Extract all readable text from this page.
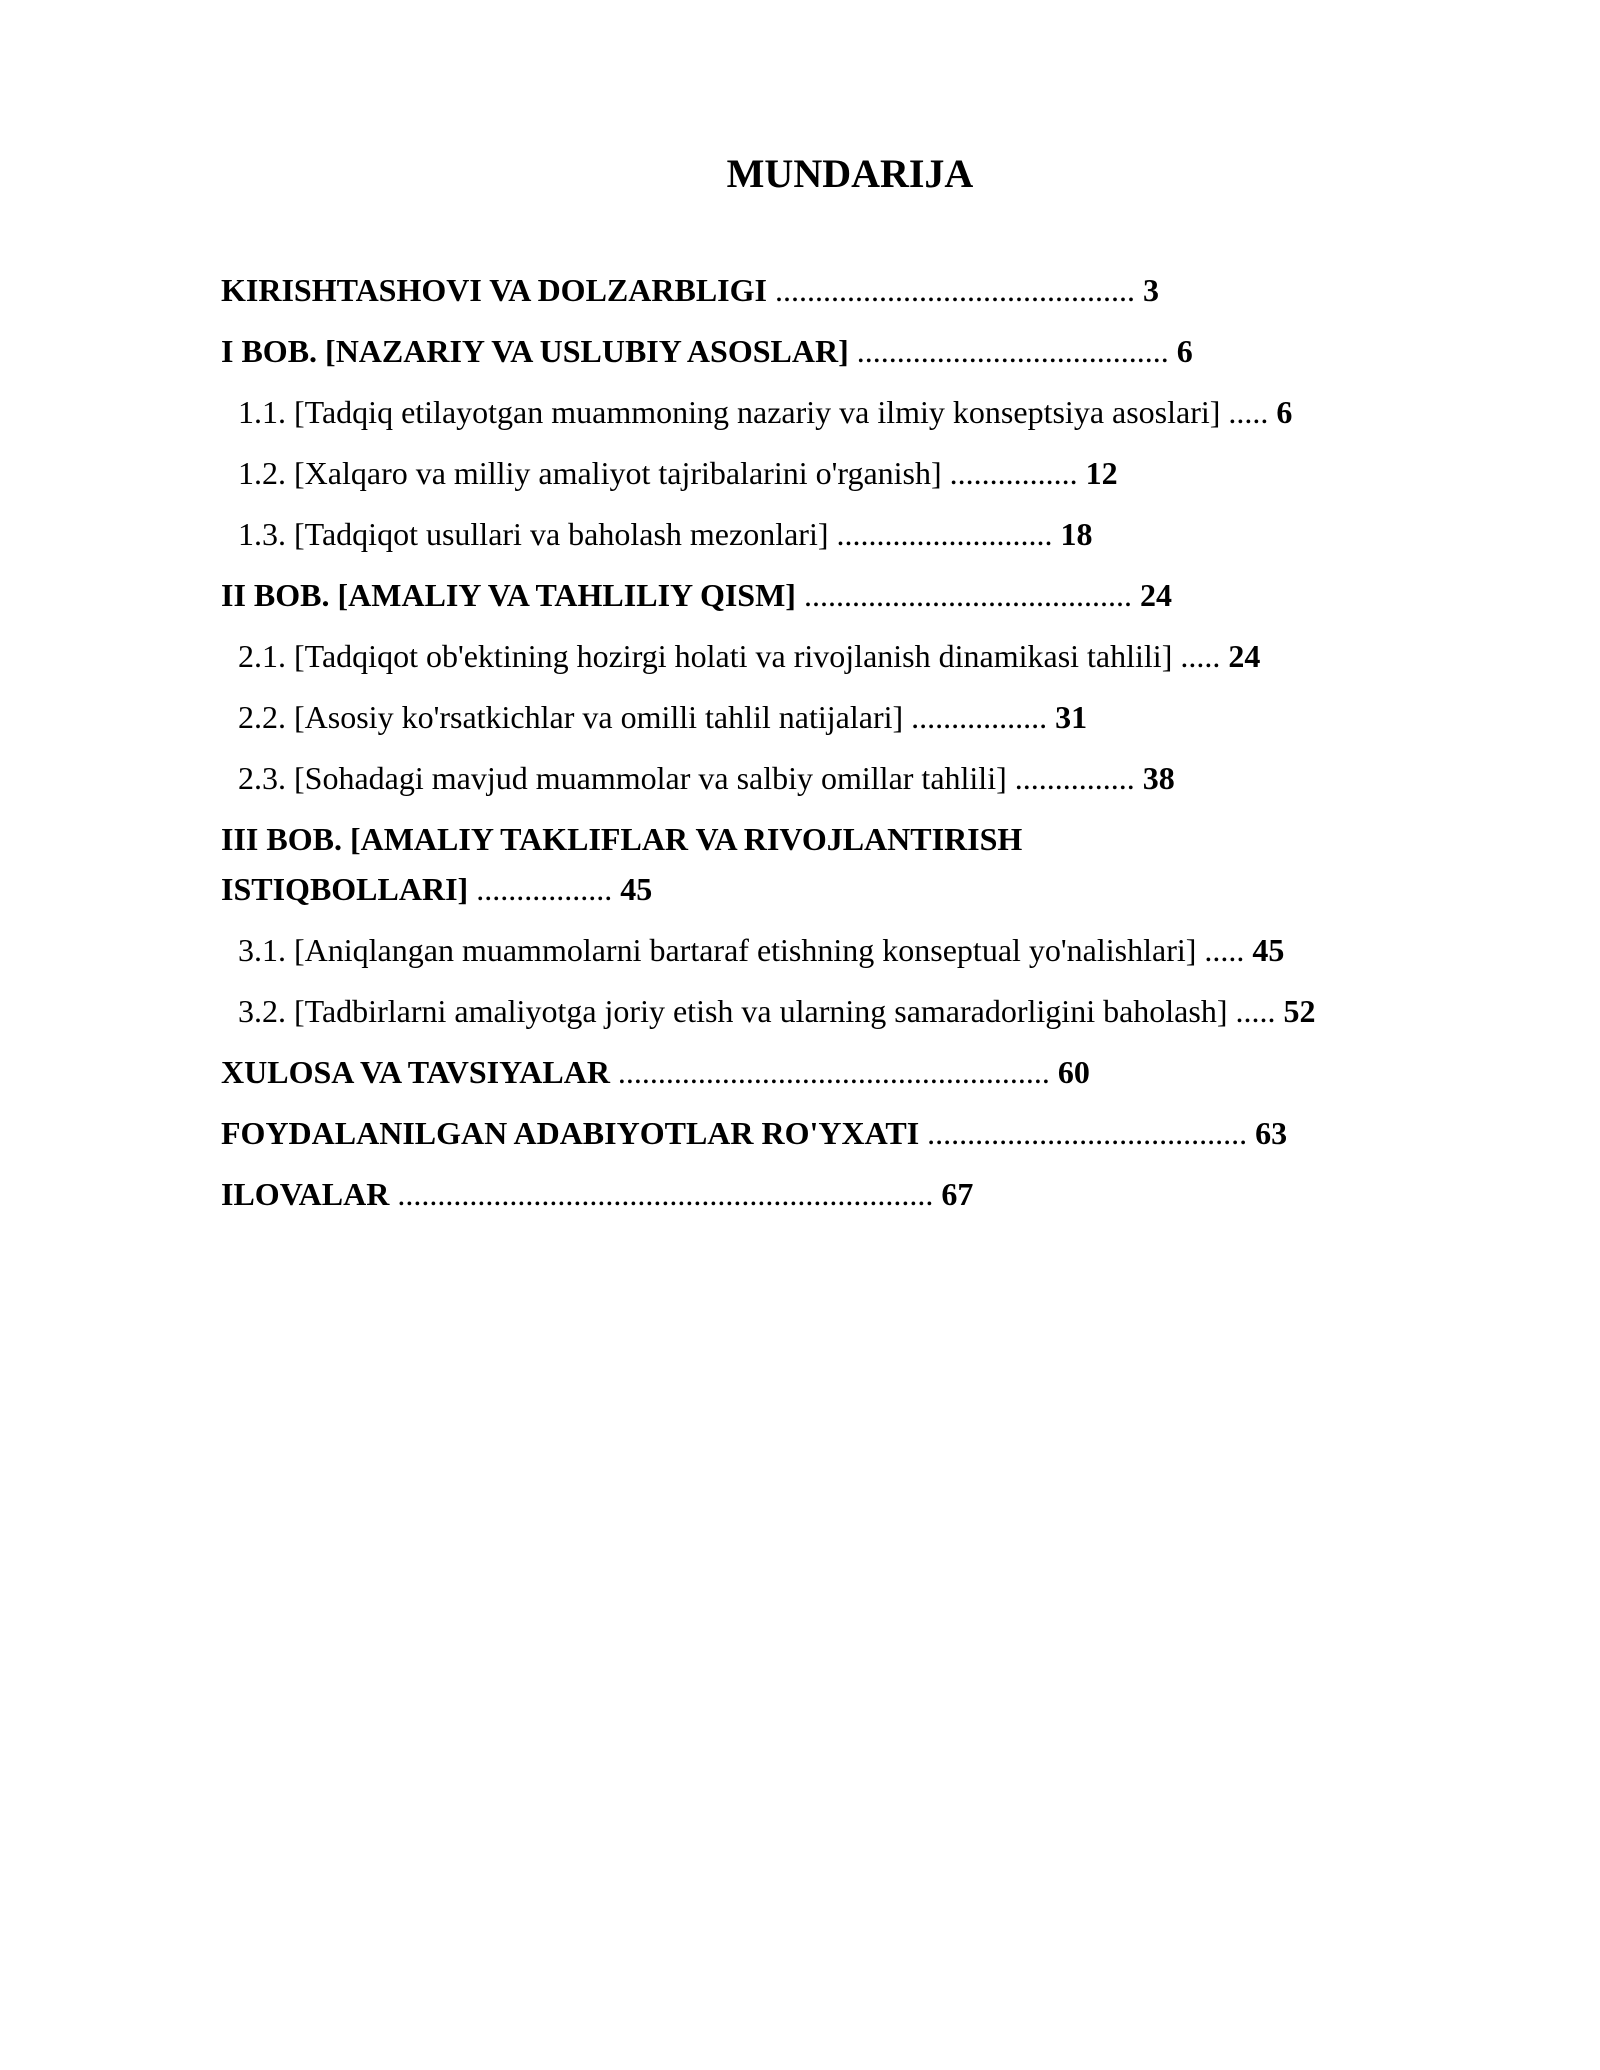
MUNDARIJA
KIRISHTASHOVI VA DOLZARBLIGI ............................................. 3
I BOB. [NAZARIY VA USLUBIY ASOSLAR] ....................................... 6
1.1. [Tadqiq etilayotgan muammoning nazariy va ilmiy konseptsiya asoslari] ..... 6
1.2. [Xalqaro va milliy amaliyot tajribalarini o'rganish] ................ 12
1.3. [Tadqiqot usullari va baholash mezonlari] ........................... 18
II BOB. [AMALIY VA TAHLILIY QISM] ......................................... 24
2.1. [Tadqiqot ob'ektining hozirgi holati va rivojlanish dinamikasi tahlili] ..... 24
2.2. [Asosiy ko'rsatkichlar va omilli tahlil natijalari] ................. 31
2.3. [Sohadagi mavjud muammolar va salbiy omillar tahlili] ............... 38
III BOB. [AMALIY TAKLIFLAR VA RIVOJLANTIRISH ISTIQBOLLARI] ................. 45
3.1. [Aniqlangan muammolarni bartaraf etishning konseptual yo'nalishlari] ..... 45
3.2. [Tadbirlarni amaliyotga joriy etish va ularning samaradorligini baholash] ..... 52
XULOSA VA TAVSIYALAR ...................................................... 60
FOYDALANILGAN ADABIYOTLAR RO'YXATI ........................................ 63
ILOVALAR ................................................................... 67
